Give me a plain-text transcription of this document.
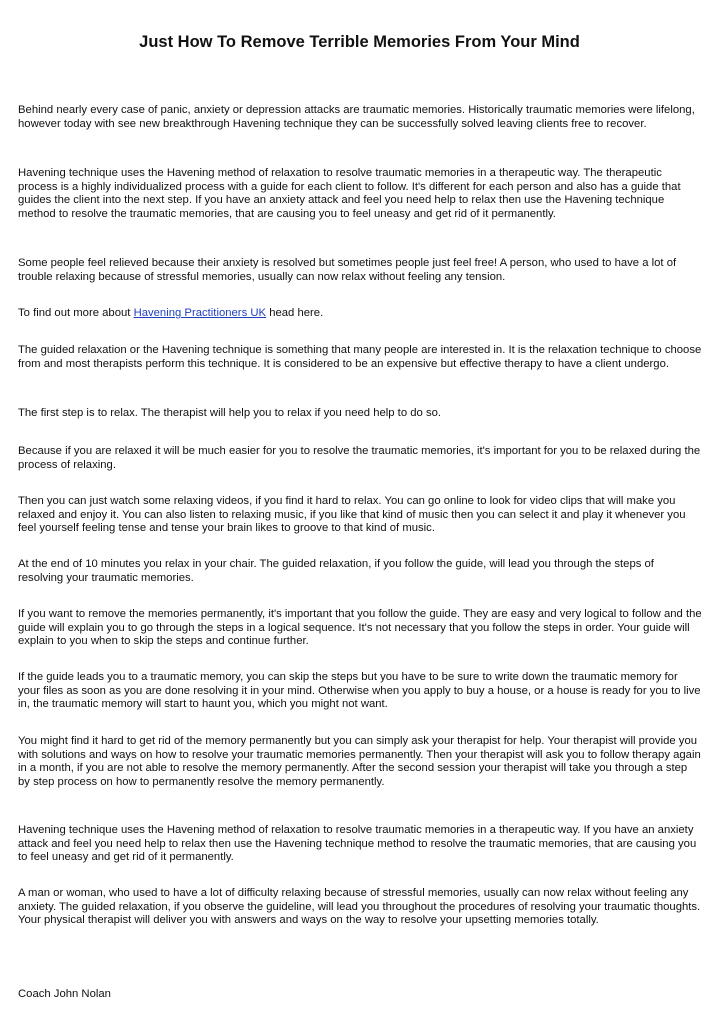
Just How To Remove Terrible Memories From Your Mind

Behind nearly every case of panic, anxiety or depression attacks are traumatic memories. Historically traumatic memories were lifelong, however today with see new breakthrough Havening technique they can be successfully solved leaving clients free to recover.

Havening technique uses the Havening method of relaxation to resolve traumatic memories in a therapeutic way. The therapeutic process is a highly individualized process with a guide for each client to follow. It's different for each person and also has a guide that guides the client into the next step. If you have an anxiety attack and feel you need help to relax then use the Havening technique method to resolve the traumatic memories, that are causing you to feel uneasy and get rid of it permanently.

Some people feel relieved because their anxiety is resolved but sometimes people just feel free! A person, who used to have a lot of trouble relaxing because of stressful memories, usually can now relax without feeling any tension.

To find out more about Havening Practitioners UK head here.

The guided relaxation or the Havening technique is something that many people are interested in. It is the relaxation technique to choose from and most therapists perform this technique. It is considered to be an expensive but effective therapy to have a client undergo.

The first step is to relax. The therapist will help you to relax if you need help to do so.

Because if you are relaxed it will be much easier for you to resolve the traumatic memories, it's important for you to be relaxed during the process of relaxing.

Then you can just watch some relaxing videos, if you find it hard to relax. You can go online to look for video clips that will make you relaxed and enjoy it. You can also listen to relaxing music, if you like that kind of music then you can select it and play it whenever you feel yourself feeling tense and tense your brain likes to groove to that kind of music.

At the end of 10 minutes you relax in your chair. The guided relaxation, if you follow the guide, will lead you through the steps of resolving your traumatic memories.

If you want to remove the memories permanently, it's important that you follow the guide. They are easy and very logical to follow and the guide will explain you to go through the steps in a logical sequence. It's not necessary that you follow the steps in order. Your guide will explain to you when to skip the steps and continue further.

If the guide leads you to a traumatic memory, you can skip the steps but you have to be sure to write down the traumatic memory for your files as soon as you are done resolving it in your mind. Otherwise when you apply to buy a house, or a house is ready for you to live in, the traumatic memory will start to haunt you, which you might not want.

You might find it hard to get rid of the memory permanently but you can simply ask your therapist for help. Your therapist will provide you with solutions and ways on how to resolve your traumatic memories permanently. Then your therapist will ask you to follow therapy again in a month, if you are not able to resolve the memory permanently. After the second session your therapist will take you through a step by step process on how to permanently resolve the memory permanently.

Havening technique uses the Havening method of relaxation to resolve traumatic memories in a therapeutic way. If you have an anxiety attack and feel you need help to relax then use the Havening technique method to resolve the traumatic memories, that are causing you to feel uneasy and get rid of it permanently.

A man or woman, who used to have a lot of difficulty relaxing because of stressful memories, usually can now relax without feeling any anxiety. The guided relaxation, if you observe the guideline, will lead you throughout the procedures of resolving your traumatic thoughts. Your physical therapist will deliver you with answers and ways on the way to resolve your upsetting memories totally.

Coach John Nolan
